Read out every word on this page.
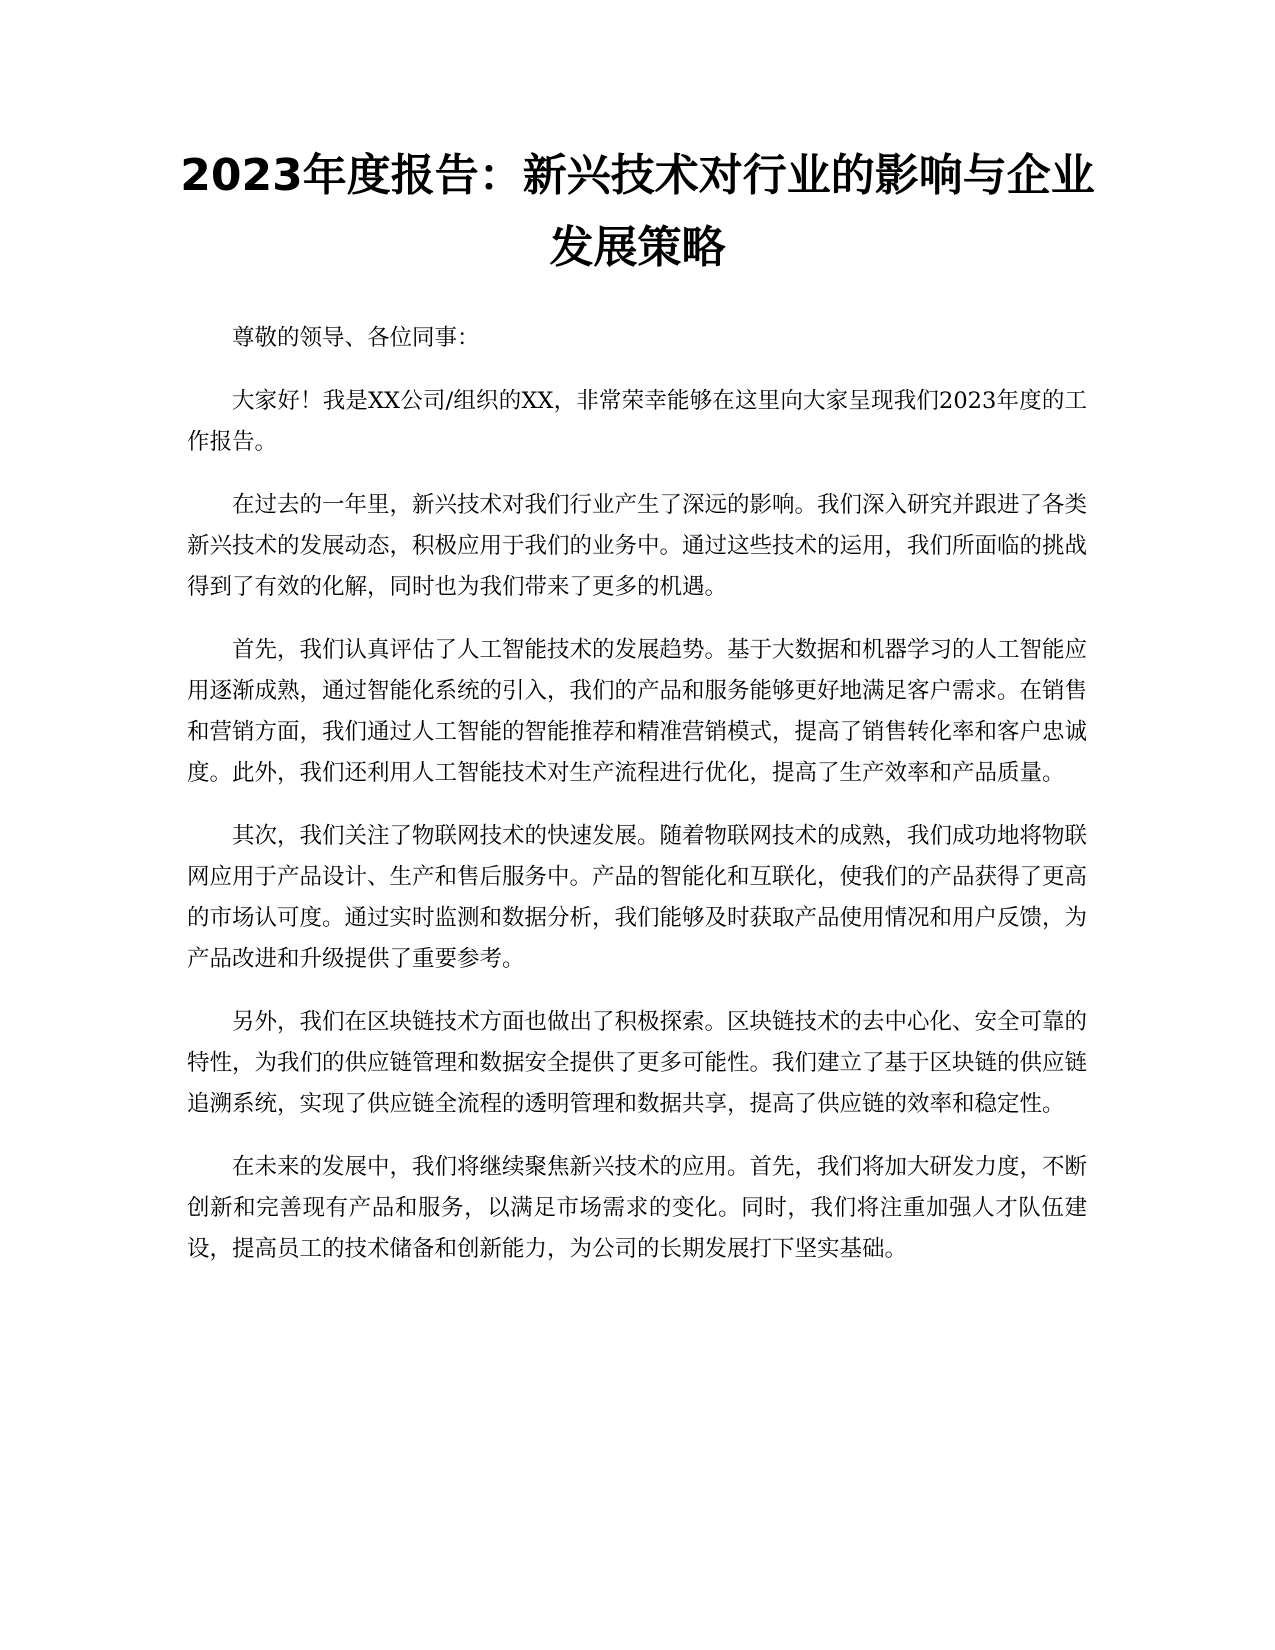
2023年度报告：新兴技术对行业的影响与企业发展策略

尊敬的领导、各位同事：

大家好！我是XX公司/组织的XX，非常荣幸能够在这里向大家呈现我们2023年度的工作报告。

在过去的一年里，新兴技术对我们行业产生了深远的影响。我们深入研究并跟进了各类新兴技术的发展动态，积极应用于我们的业务中。通过这些技术的运用，我们所面临的挑战得到了有效的化解，同时也为我们带来了更多的机遇。

首先，我们认真评估了人工智能技术的发展趋势。基于大数据和机器学习的人工智能应用逐渐成熟，通过智能化系统的引入，我们的产品和服务能够更好地满足客户需求。在销售和营销方面，我们通过人工智能的智能推荐和精准营销模式，提高了销售转化率和客户忠诚度。此外，我们还利用人工智能技术对生产流程进行优化，提高了生产效率和产品质量。

其次，我们关注了物联网技术的快速发展。随着物联网技术的成熟，我们成功地将物联网应用于产品设计、生产和售后服务中。产品的智能化和互联化，使我们的产品获得了更高的市场认可度。通过实时监测和数据分析，我们能够及时获取产品使用情况和用户反馈，为产品改进和升级提供了重要参考。

另外，我们在区块链技术方面也做出了积极探索。区块链技术的去中心化、安全可靠的特性，为我们的供应链管理和数据安全提供了更多可能性。我们建立了基于区块链的供应链追溯系统，实现了供应链全流程的透明管理和数据共享，提高了供应链的效率和稳定性。

在未来的发展中，我们将继续聚焦新兴技术的应用。首先，我们将加大研发力度，不断创新和完善现有产品和服务，以满足市场需求的变化。同时，我们将注重加强人才队伍建设，提高员工的技术储备和创新能力，为公司的长期发展打下坚实基础。
